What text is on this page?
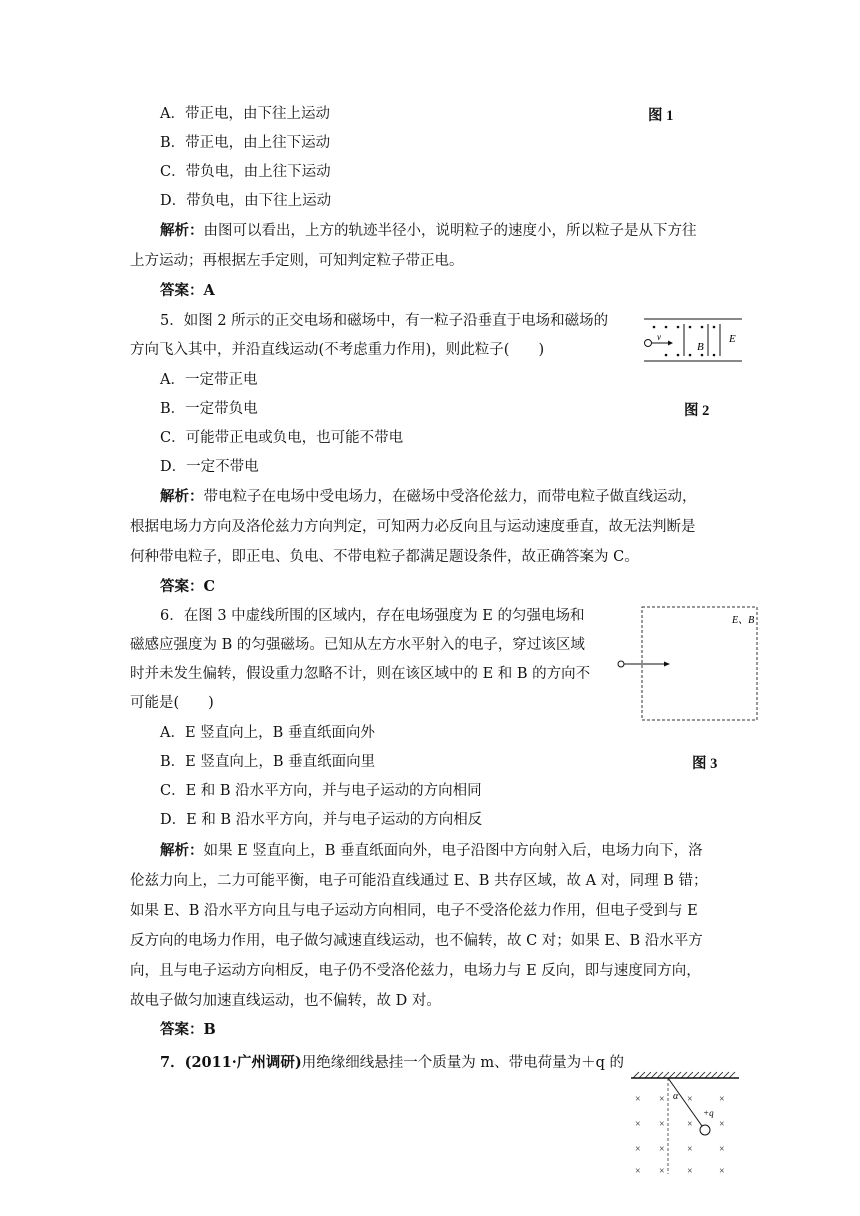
A．带正电，由下往上运动	图 1
B．带正电，由上往下运动
C．带负电，由上往下运动
D．带负电，由下往上运动
解析：由图可以看出，上方的轨迹半径小，说明粒子的速度小，所以粒子是从下方往
上方运动；再根据左手定则，可知判定粒子带正电。
答案：A
5．如图 2 所示的正交电场和磁场中，有一粒子沿垂直于电场和磁场的
方向飞入其中，并沿直线运动(不考虑重力作用)，则此粒子(　　)
v
B
E
A．一定带正电
B．一定带负电	图 2
C．可能带正电或负电，也可能不带电
D．一定不带电
解析：带电粒子在电场中受电场力，在磁场中受洛伦兹力，而带电粒子做直线运动，
根据电场力方向及洛伦兹力方向判定，可知两力必反向且与运动速度垂直，故无法判断是
何种带电粒子，即正电、负电、不带电粒子都满足题设条件，故正确答案为 C。
答案：C
6．在图 3 中虚线所围的区域内，存在电场强度为 E 的匀强电场和
磁感应强度为 B 的匀强磁场。已知从左方水平射入的电子，穿过该区域
时并未发生偏转，假设重力忽略不计，则在该区域中的 E 和 B 的方向不
可能是(　　)
E、B
A．E 竖直向上，B 垂直纸面向外
B．E 竖直向上，B 垂直纸面向里	图 3
C．E 和 B 沿水平方向，并与电子运动的方向相同
D．E 和 B 沿水平方向，并与电子运动的方向相反
解析：如果 E 竖直向上，B 垂直纸面向外，电子沿图中方向射入后，电场力向下，洛
伦兹力向上，二力可能平衡，电子可能沿直线通过 E、B 共存区域，故 A 对，同理 B 错；
如果 E、B 沿水平方向且与电子运动方向相同，电子不受洛伦兹力作用，但电子受到与 E
反方向的电场力作用，电子做匀减速直线运动，也不偏转，故 C 对；如果 E、B 沿水平方
向，且与电子运动方向相反，电子仍不受洛伦兹力，电场力与 E 反向，即与速度同方向，
故电子做匀加速直线运动，也不偏转，故 D 对。
答案：B
7．(2011·广州调研)用绝缘细线悬挂一个质量为 m、带电荷量为＋q 的
α
+q
× × ×	×
× × ×	×
× × ×	×
× × ×	×
